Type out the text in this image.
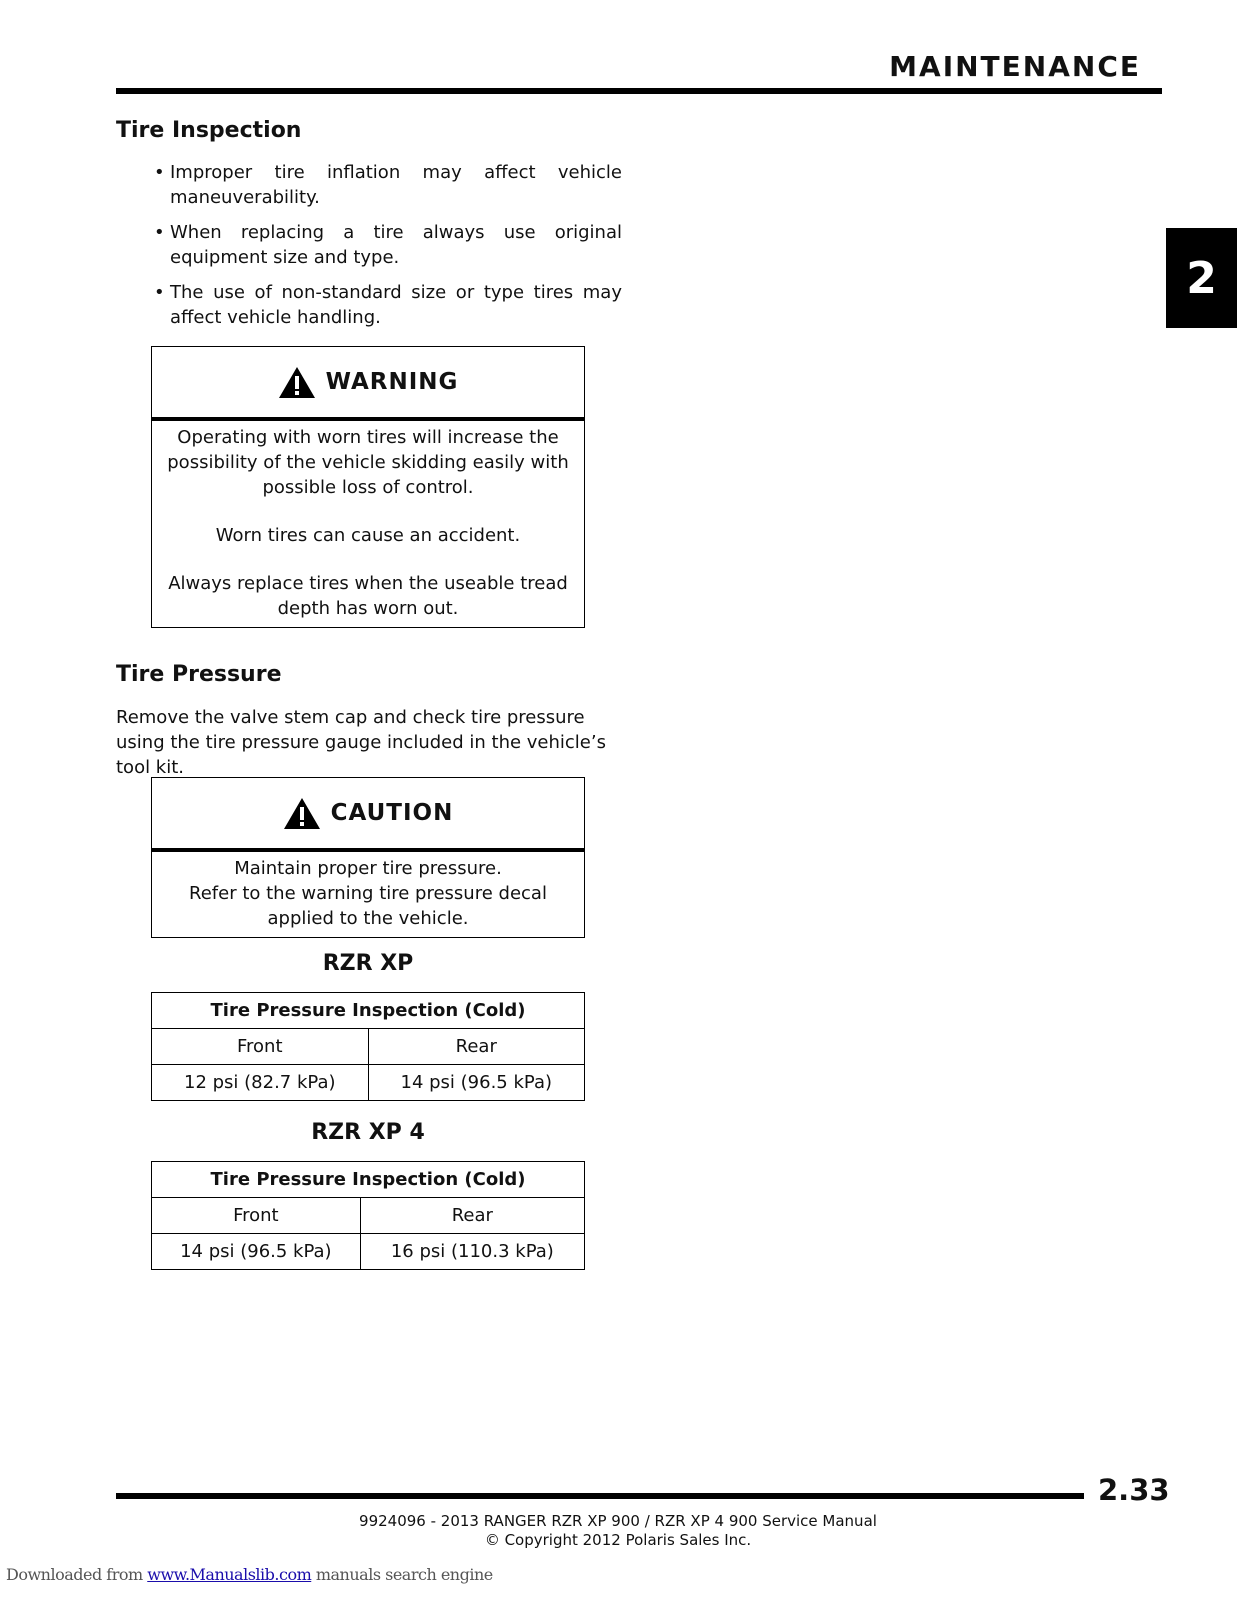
MAINTENANCE
2
Tire Inspection
• Improper tire inflation may affect vehicle maneuverability.
• When replacing a tire always use original equipment size and type.
• The use of non-standard size or type tires may affect vehicle handling.
WARNING

Operating with worn tires will increase the possibility of the vehicle skidding easily with possible loss of control.

Worn tires can cause an accident.

Always replace tires when the useable tread depth has worn out.

Tire Pressure
Remove the valve stem cap and check tire pressure using the tire pressure gauge included in the vehicle’s tool kit.
CAUTION
Maintain proper tire pressure.
Refer to the warning tire pressure decal applied to the vehicle.
RZR XP
Tire Pressure Inspection (Cold)	
Front	Rear
12 psi (82.7 kPa)	14 psi (96.5 kPa)
RZR XP 4
Tire Pressure Inspection (Cold)	
Front	Rear
14 psi (96.5 kPa)	16 psi (110.3 kPa)
2.33
9924096 - 2013 RANGER RZR XP 900 / RZR XP 4 900 Service Manual
© Copyright 2012 Polaris Sales Inc.
Downloaded from www.Manualslib.com manuals search engine
